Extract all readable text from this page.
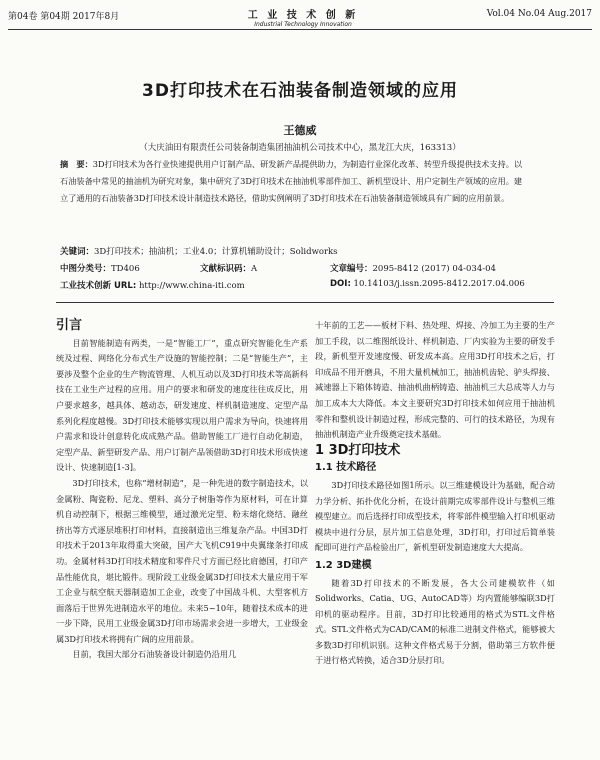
第04卷 第04期 2017年8月	工 业 技 术 创 新
Industrial Technology Innovation
Vol.04 No.04 Aug.2017
3D打印技术在石油装备制造领域的应用
王德威
（大庆油田有限责任公司装备制造集团抽油机公司技术中心，黑龙江大庆，163313）
摘　要：3D打印技术为各行业快速提供用户订制产品、研发新产品提供助力，为制造行业深化改革、转型升级提供技术支持。以石油装备中常见的抽油机为研究对象，集中研究了3D打印技术在抽油机零部件加工、新机型设计、用户定制生产领域的应用。建立了通用的石油装备3D打印技术设计制造技术路径，借助实例阐明了3D打印技术在石油装备制造领域具有广阔的应用前景。
关键词： 3D打印技术；抽油机；工业4.0；计算机辅助设计；Solidworks
中图分类号：TD406	文献标识码：A	文章编号：2095-8412 (2017) 04-034-04
工业技术创新 URL: http://www.china-iti.com	DOI: 10.14103/j.issn.2095-8412.2017.04.006
引言

目前智能制造有两类，一是“智能工厂”，重点研究智能化生产系统及过程、网络化分布式生产设施的智能控制；二是“智能生产”，主要涉及整个企业的生产物流管理、人机互动以及3D打印技术等高新科技在工业生产过程的应用。用户的要求和研发的速度往往成反比，用户要求越多，越具体、越动态，研发速度、样机制造速度、定型产品系列化程度越慢。3D打印技术能够实现以用户需求为导向，快速将用户需求和设计创意转化成成熟产品。借助智能工厂进行自动化制造，定型产品、新型研发产品、用户订制产品领借助3D打印技术形成快速设计、快速制造[1-3]。

3D打印技术，也称“增材制造”，是一种先进的数字制造技术，以金属粉、陶瓷粉、尼龙、塑料、高分子树脂等作为原材料，可在计算机自动控制下，根据三维模型，通过激光定型、粉末熔化烧结、融丝挤出等方式逐层堆积打印材料，直接制造出三维复杂产品。中国3D打印技术于2013年取得重大突破，国产大飞机C919中央翼缘条打印成功。金属材料3D打印技术精度和零件尺寸方面已经比肩德国，打印产品性能优良，堪比锻件。现阶段工业级金属3D打印技术大量应用于军工企业与航空航天器制造加工企业，改变了中国战斗机、大型客机方面落后于世界先进制造水平的地位。未来5~10年，随着技术成本的进一步下降，民用工业级金属3D打印市场需求会进一步增大，工业级金属3D打印技术将拥有广阔的应用前景。

目前，我国大部分石油装备设计制造仍沿用几

十年前的工艺——板材下料、热处理、焊接、冷加工为主要的生产加工手段，以二维图纸设计、样机制造、厂内实验为主要的研发手段，新机型开发速度慢、研发成本高。应用3D打印技术之后，打印成品不用开磨具，不用大量机械加工，抽油机齿轮、驴头焊接、减速器上下箱体铸造、抽油机曲柄铸造、抽油机三大总成等人力与加工成本大大降低。本文主要研究3D打印技术如何应用于抽油机零件和整机设计制造过程，形成完整的、可行的技术路径，为现有抽油机制造产业升级奠定技术基础。

1 3D打印技术
1.1 技术路径

3D打印技术路径如图1所示。以三维建模设计为基础，配合动力学分析、拓扑优化分析，在设计前期完成零部件设计与整机三维模型建立。而后选择打印成型技术，将零部件模型输入打印机驱动模块中进行分层，层片加工信息处理，3D打印，打印过后简单装配即可进行产品检验出厂，新机型研发制造速度大大提高。

1.2 3D建模

随着3D打印技术的不断发展，各大公司建模软件（如Solidworks、Catia、UG、AutoCAD等）均内置能够编联3D打印机的驱动程序。目前，3D打印比较通用的格式为STL文件格式。STL文件格式为CAD/CAM的标准二进制文件格式，能够被大多数3D打印机识别。这种文件格式易于分割，借助第三方软件便于进行格式转换，适合3D分层打印。
